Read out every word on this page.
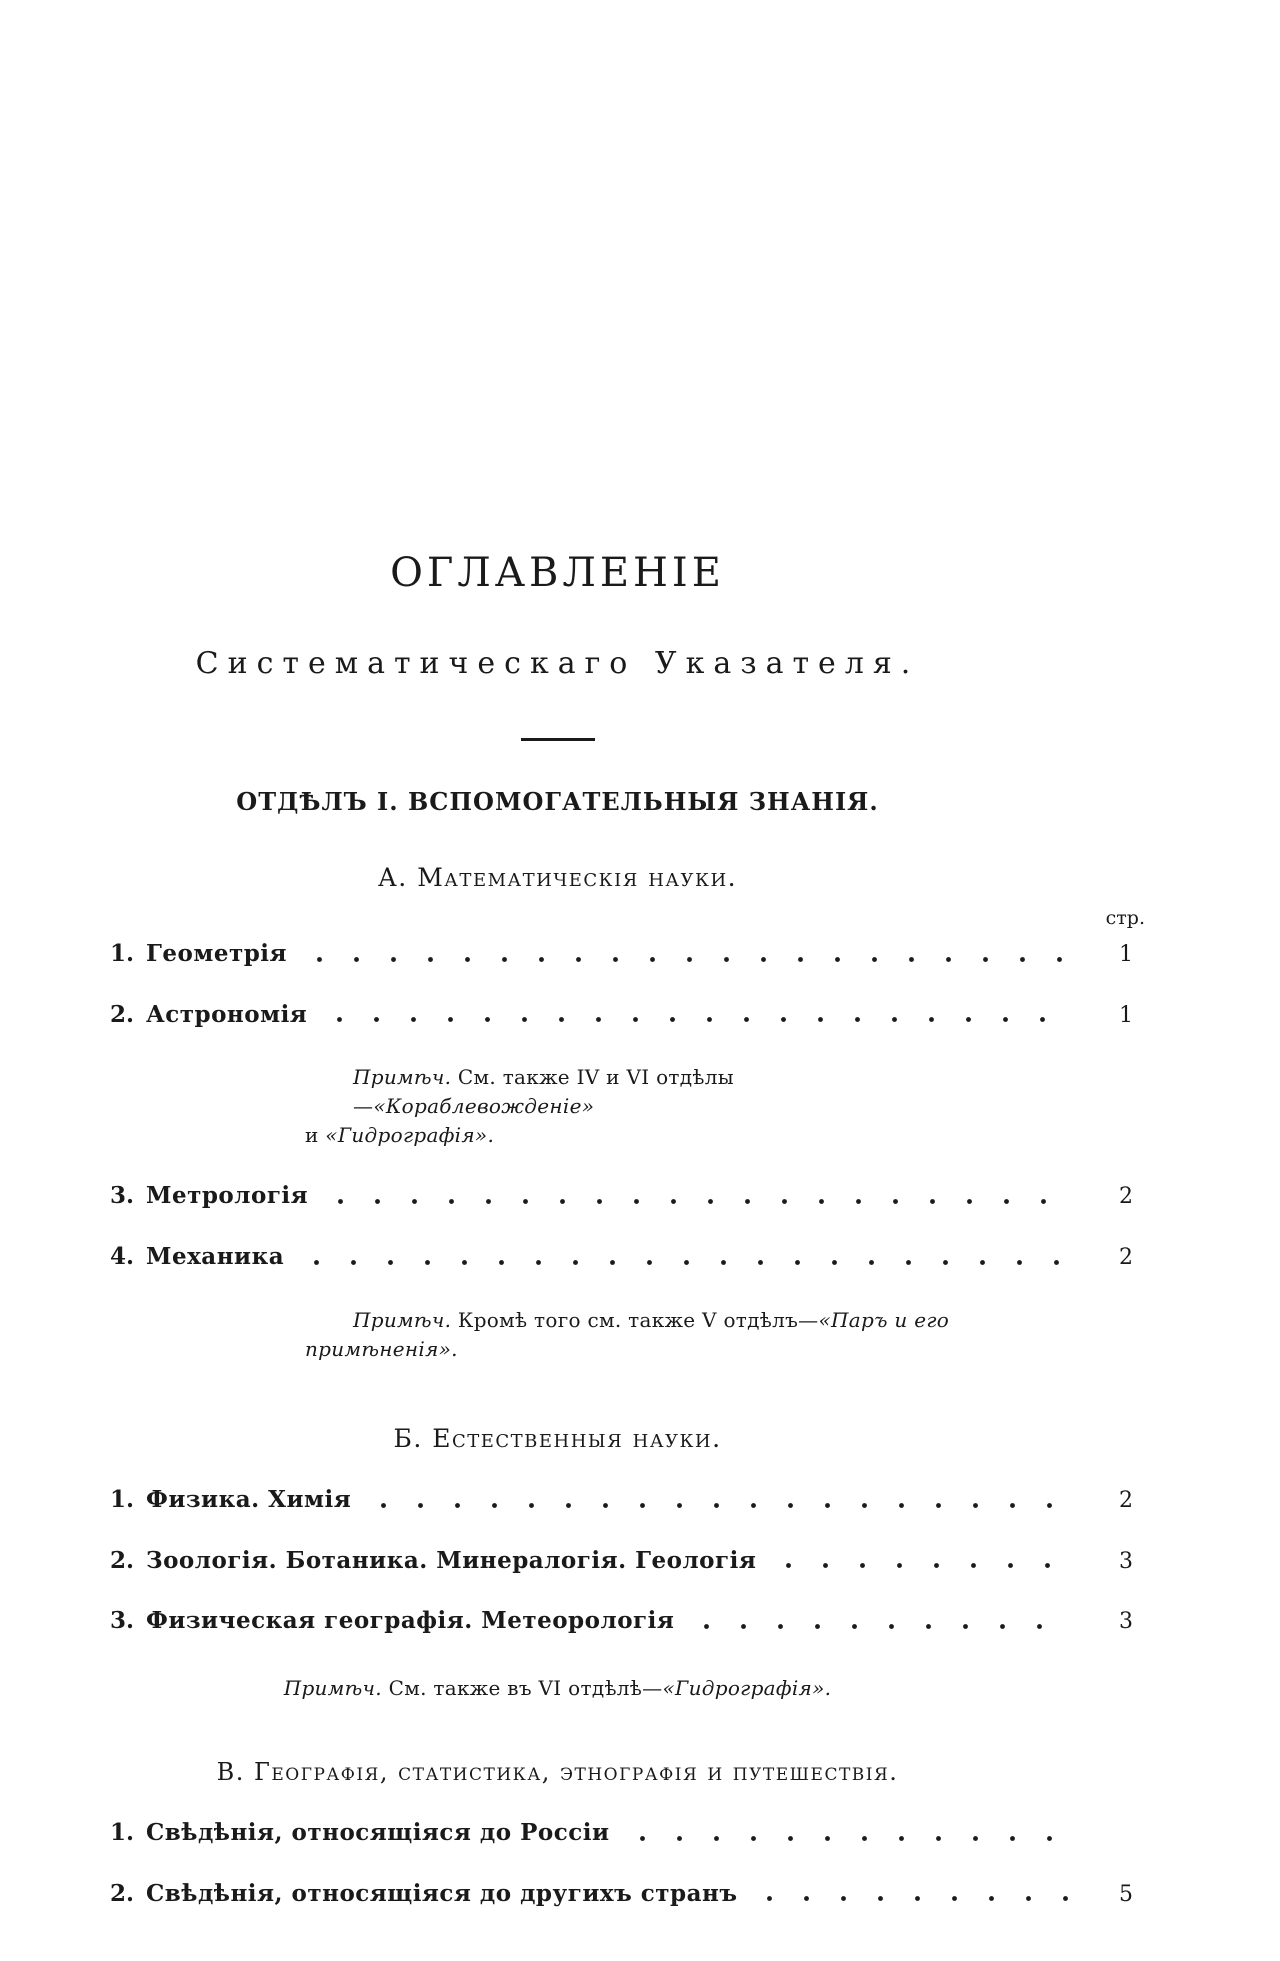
ОГЛАВЛЕНІЕ
Систематическаго Указателя.
ОТДѢЛЪ I. ВСПОМОГАТЕЛЬНЫЯ ЗНАНІЯ.
А. Математическія науки.
стр.
1. Геометрія	1
2. Астрономія	1
Примѣч. См. также IV и VI отдѣлы—«Кораблевожденіе»
и «Гидрографія».
3. Метрологія	2
4. Механика	2
Примѣч. Кромѣ того см. также V отдѣлъ—«Паръ и его
примѣненія».
Б. Естественныя науки.
1. Физика. Химія	2
2. Зоологія. Ботаника. Минералогія. Геологія	3
3. Физическая географія. Метеорологія	3
Примѣч. См. также въ VI отдѣлѣ—«Гидрографія».
В. Географія, статистика, этнографія и путешествія.
1. Свѣдѣнія, относящіяся до Россіи
2. Свѣдѣнія, относящіяся до другихъ странъ	5
